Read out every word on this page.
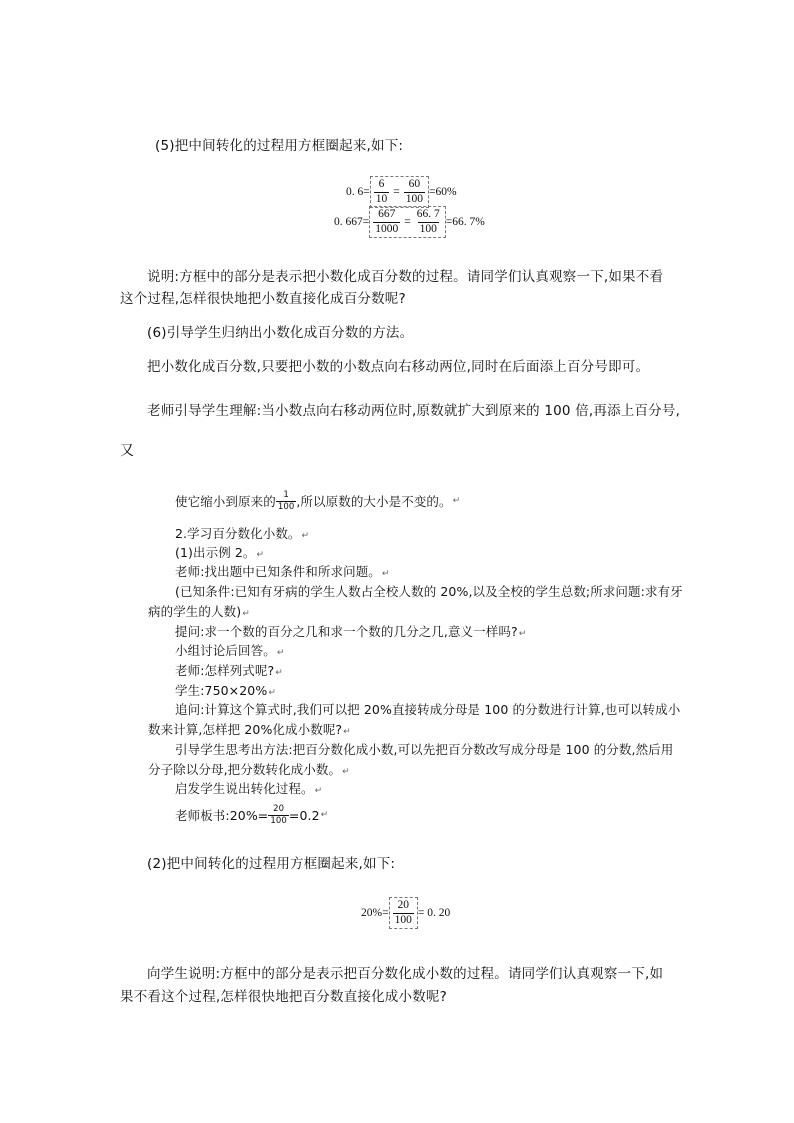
(5)把中间转化的过程用方框圈起来,如下:
0. $6= \frac{6}{10} = \frac{60}{100} =60\%$
0. $667= \frac{667}{1000} = \frac{66. 7}{100} =66$. 7%
说明:方框中的部分是表示把小数化成百分数的过程。请同学们认真观察一下,如果不看
这个过程,怎样很快地把小数直接化成百分数呢?
(6)引导学生归纳出小数化成百分数的方法。
把小数化成百分数,只要把小数的小数点向右移动两位,同时在后面添上百分号即可。
老师引导学生理解:当小数点向右移动两位时,原数就扩大到原来的 100 倍,再添上百分号,
又
使它缩小到原来的 $\frac{1}{100}$ ,所以原数的大小是不变的。 ↵
2.学习百分数化小数。↵
(1)出示例 2。↵
老师:找出题中已知条件和所求问题。↵
(已知条件:已知有牙病的学生人数占全校人数的 20%,以及全校的学生总数;所求问题:求有牙
病的学生的人数)↵
提问:求一个数的百分之几和求一个数的几分之几,意义一样吗?↵
小组讨论后回答。↵
老师:怎样列式呢?↵
学生:750×20%↵
追问:计算这个算式时,我们可以把 20%直接转成分母是 100 的分数进行计算,也可以转成小
数来计算,怎样把 20%化成小数呢?↵
引导学生思考出方法:把百分数化成小数,可以先把百分数改写成分母是 100 的分数,然后用
分子除以分母,把分数转化成小数。↵
启发学生说出转化过程。↵
老师板书:20%= $\frac{20}{100} =0.2$ ↵
(2)把中间转化的过程用方框圈起来,如下:
$20\%= \frac{20}{100} = 0$. 20
向学生说明:方框中的部分是表示把百分数化成小数的过程。请同学们认真观察一下,如
果不看这个过程,怎样很快地把百分数直接化成小数呢?
